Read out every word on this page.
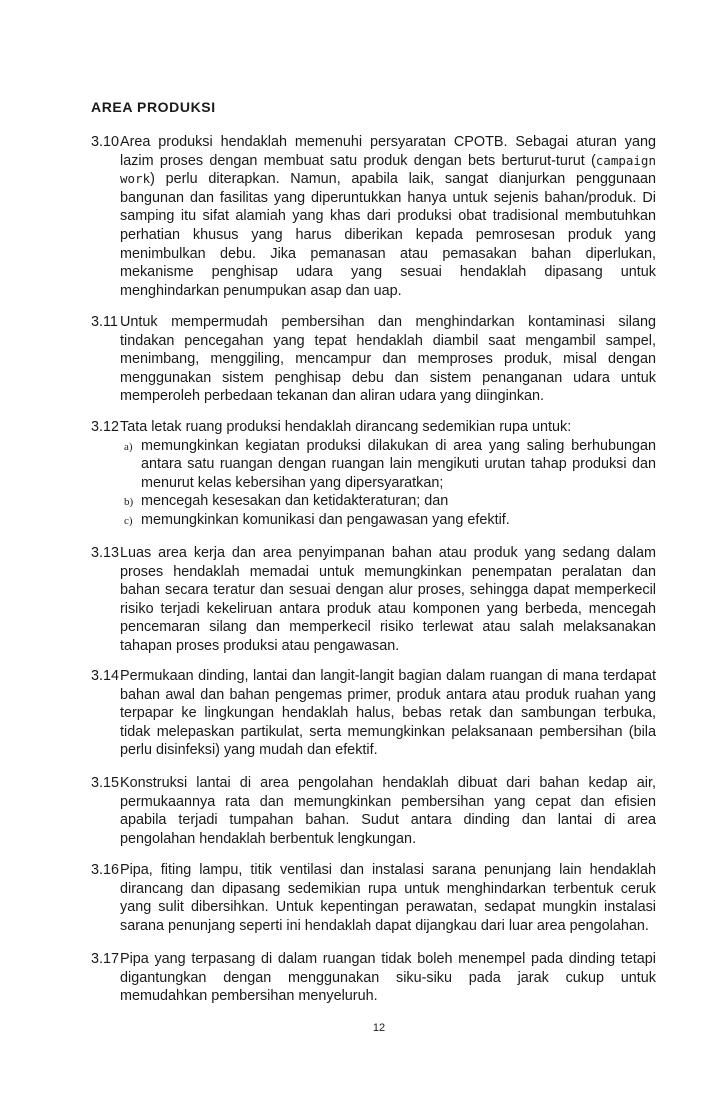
AREA PRODUKSI
3.10 Area produksi hendaklah memenuhi persyaratan CPOTB. Sebagai aturan yang lazim proses dengan membuat satu produk dengan bets berturut-turut (campaign work) perlu diterapkan. Namun, apabila laik, sangat dianjurkan penggunaan bangunan dan fasilitas yang diperuntukkan hanya untuk sejenis bahan/produk. Di samping itu sifat alamiah yang khas dari produksi obat tradisional membutuhkan perhatian khusus yang harus diberikan kepada pemrosesan produk yang menimbulkan debu. Jika pemanasan atau pemasakan bahan diperlukan, mekanisme penghisap udara yang sesuai hendaklah dipasang untuk menghindarkan penumpukan asap dan uap.
3.11 Untuk mempermudah pembersihan dan menghindarkan kontaminasi silang tindakan pencegahan yang tepat hendaklah diambil saat mengambil sampel, menimbang, menggiling, mencampur dan memproses produk, misal dengan menggunakan sistem penghisap debu dan sistem penanganan udara untuk memperoleh perbedaan tekanan dan aliran udara yang diinginkan.
3.12 Tata letak ruang produksi hendaklah dirancang sedemikian rupa untuk:
a) memungkinkan kegiatan produksi dilakukan di area yang saling berhubungan antara satu ruangan dengan ruangan lain mengikuti urutan tahap produksi dan menurut kelas kebersihan yang dipersyaratkan;
b) mencegah kesesakan dan ketidakteraturan; dan
c) memungkinkan komunikasi dan pengawasan yang efektif.
3.13 Luas area kerja dan area penyimpanan bahan atau produk yang sedang dalam proses hendaklah memadai untuk memungkinkan penempatan peralatan dan bahan secara teratur dan sesuai dengan alur proses, sehingga dapat memperkecil risiko terjadi kekeliruan antara produk atau komponen yang berbeda, mencegah pencemaran silang dan memperkecil risiko terlewat atau salah melaksanakan tahapan proses produksi atau pengawasan.
3.14 Permukaan dinding, lantai dan langit-langit bagian dalam ruangan di mana terdapat bahan awal dan bahan pengemas primer, produk antara atau produk ruahan yang terpapar ke lingkungan hendaklah halus, bebas retak dan sambungan terbuka, tidak melepaskan partikulat, serta memungkinkan pelaksanaan pembersihan (bila perlu disinfeksi) yang mudah dan efektif.
3.15 Konstruksi lantai di area pengolahan hendaklah dibuat dari bahan kedap air, permukaannya rata dan memungkinkan pembersihan yang cepat dan efisien apabila terjadi tumpahan bahan. Sudut antara dinding dan lantai di area pengolahan hendaklah berbentuk lengkungan.
3.16 Pipa, fiting lampu, titik ventilasi dan instalasi sarana penunjang lain hendaklah dirancang dan dipasang sedemikian rupa untuk menghindarkan terbentuk ceruk yang sulit dibersihkan. Untuk kepentingan perawatan, sedapat mungkin instalasi sarana penunjang seperti ini hendaklah dapat dijangkau dari luar area pengolahan.
3.17 Pipa yang terpasang di dalam ruangan tidak boleh menempel pada dinding tetapi digantungkan dengan menggunakan siku-siku pada jarak cukup untuk memudahkan pembersihan menyeluruh.
12
